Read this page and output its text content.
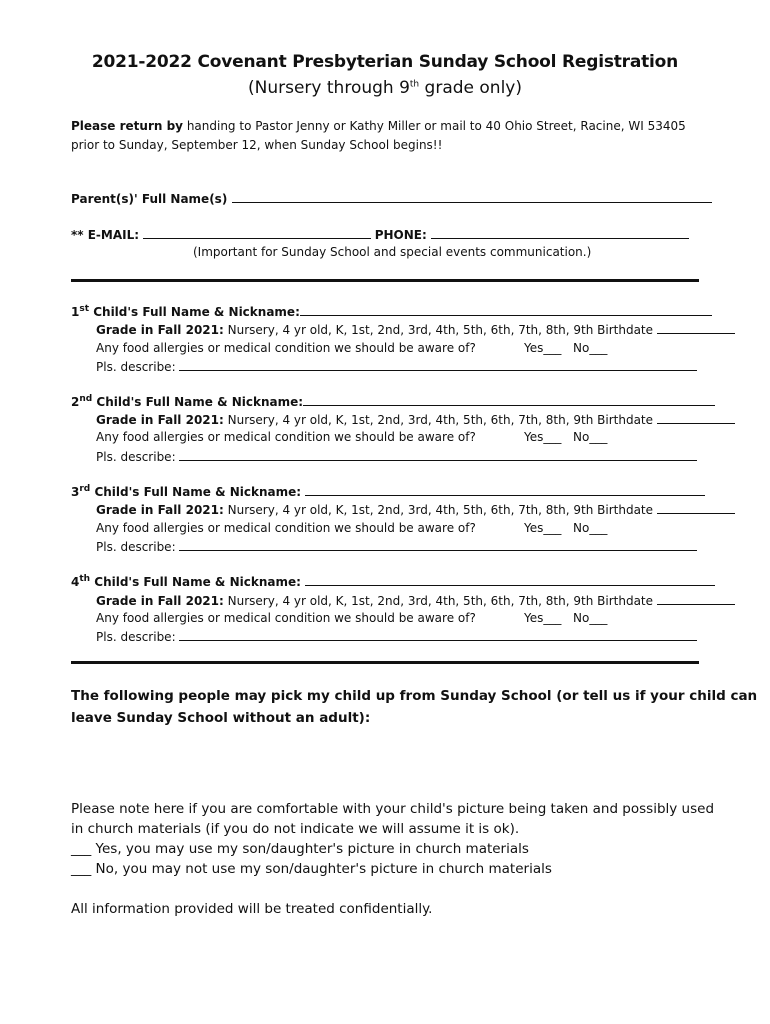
2021-2022 Covenant Presbyterian Sunday School Registration
(Nursery through 9th grade only)
Please return by handing to Pastor Jenny or Kathy Miller or mail to 40 Ohio Street, Racine, WI 53405
prior to Sunday, September 12, when Sunday School begins!!
Parent(s)' Full Name(s)
** E-MAIL:	PHONE:
(Important for Sunday School and special events communication.)
1st Child's Full Name & Nickname:
Grade in Fall 2021: Nursery, 4 yr old, K, 1st, 2nd, 3rd, 4th, 5th, 6th, 7th, 8th, 9th Birthdate
Any food allergies or medical condition we should be aware of?	Yes___ No___
Pls. describe:
2nd Child's Full Name & Nickname:
Grade in Fall 2021: Nursery, 4 yr old, K, 1st, 2nd, 3rd, 4th, 5th, 6th, 7th, 8th, 9th Birthdate
Any food allergies or medical condition we should be aware of?	Yes___ No___
Pls. describe:
3rd Child's Full Name & Nickname:
Grade in Fall 2021: Nursery, 4 yr old, K, 1st, 2nd, 3rd, 4th, 5th, 6th, 7th, 8th, 9th Birthdate
Any food allergies or medical condition we should be aware of?	Yes___ No___
Pls. describe:
4th Child's Full Name & Nickname:
Grade in Fall 2021: Nursery, 4 yr old, K, 1st, 2nd, 3rd, 4th, 5th, 6th, 7th, 8th, 9th Birthdate
Any food allergies or medical condition we should be aware of?	Yes___ No___
Pls. describe:
The following people may pick my child up from Sunday School (or tell us if your child can
leave Sunday School without an adult):
Please note here if you are comfortable with your child's picture being taken and possibly used
in church materials (if you do not indicate we will assume it is ok).
___ Yes, you may use my son/daughter's picture in church materials
___ No, you may not use my son/daughter's picture in church materials
All information provided will be treated confidentially.
